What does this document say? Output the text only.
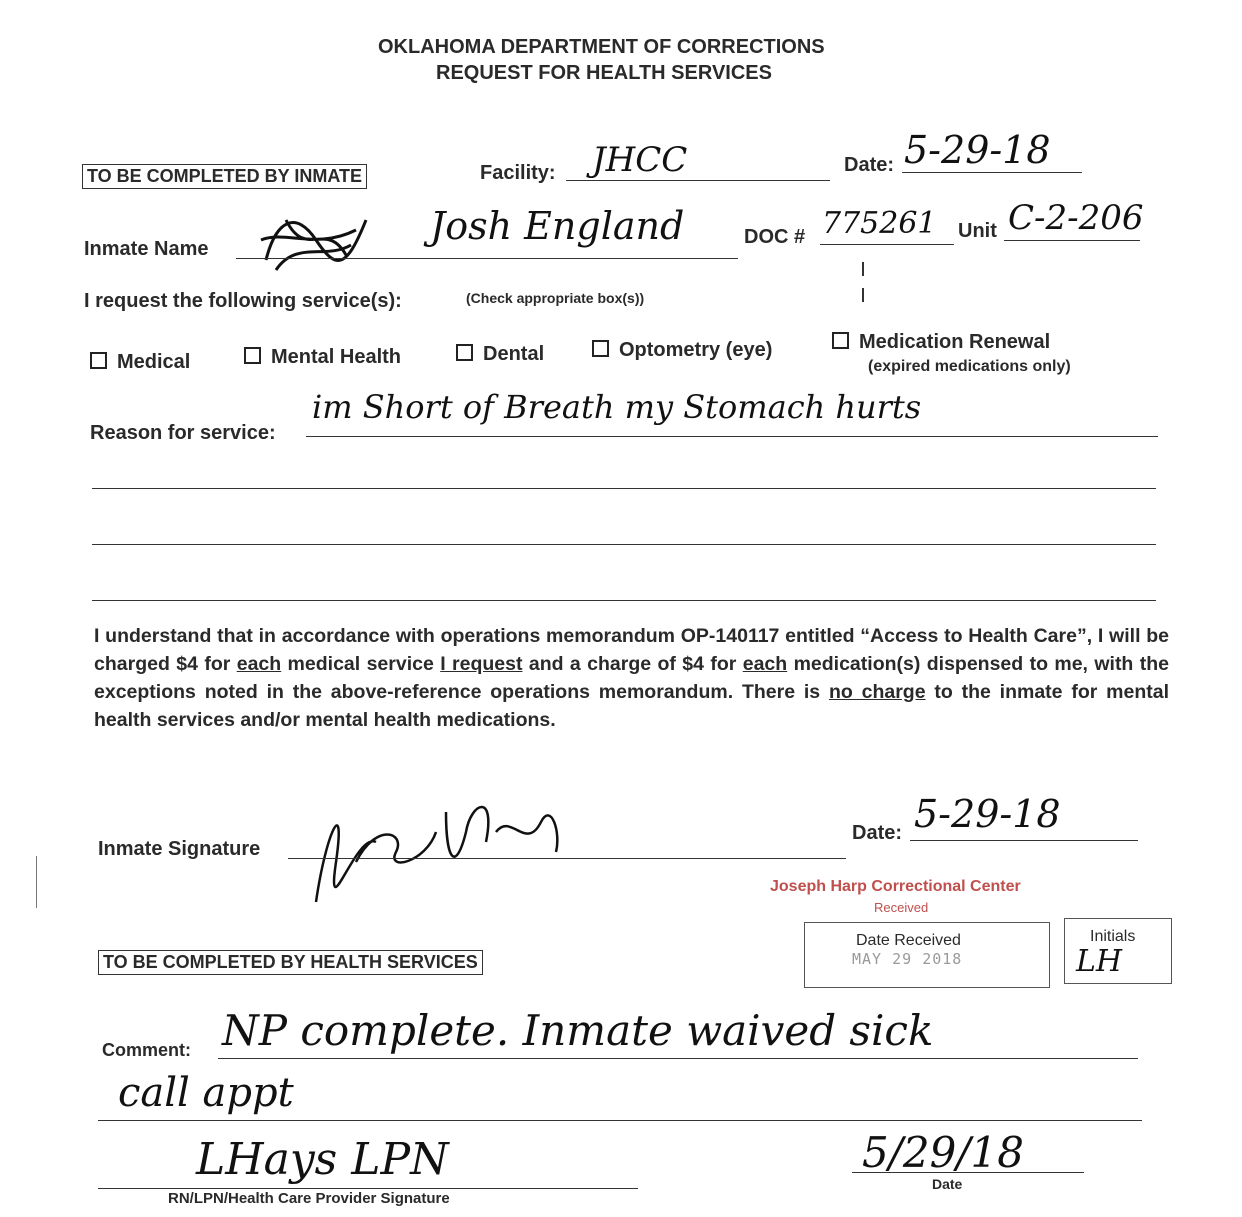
OKLAHOMA DEPARTMENT OF CORRECTIONS
REQUEST FOR HEALTH SERVICES
TO BE COMPLETED BY INMATE	Facility: JHCC	Date: 5-29-18
Inmate Name
Josh England	DOC # 775261 Unit C-2-206
I request the following service(s):	(Check appropriate box(s))
Medical	Mental Health	Dental	Optometry (eye)	Medication Renewal
(expired medications only)
Reason for service:
im Short of Breath my Stomach hurts
I understand that in accordance with operations memorandum OP-140117 entitled “Access to Health Care”, I will be charged $4 for each medical service I request and a charge of $4 for each medication(s) dispensed to me, with the exceptions noted in the above-reference operations memorandum. There is no charge to the inmate for mental health services and/or mental health medications.
Inmate Signature
Date: 5-29-18
Joseph Harp Correctional Center
Received
Date Received
MAY 29 2018
Initials
LH
TO BE COMPLETED BY HEALTH SERVICES
Comment: NP complete. Inmate waived sick
call appt
LHays LPN
RN/LPN/Health Care Provider Signature
5/29/18
Date
